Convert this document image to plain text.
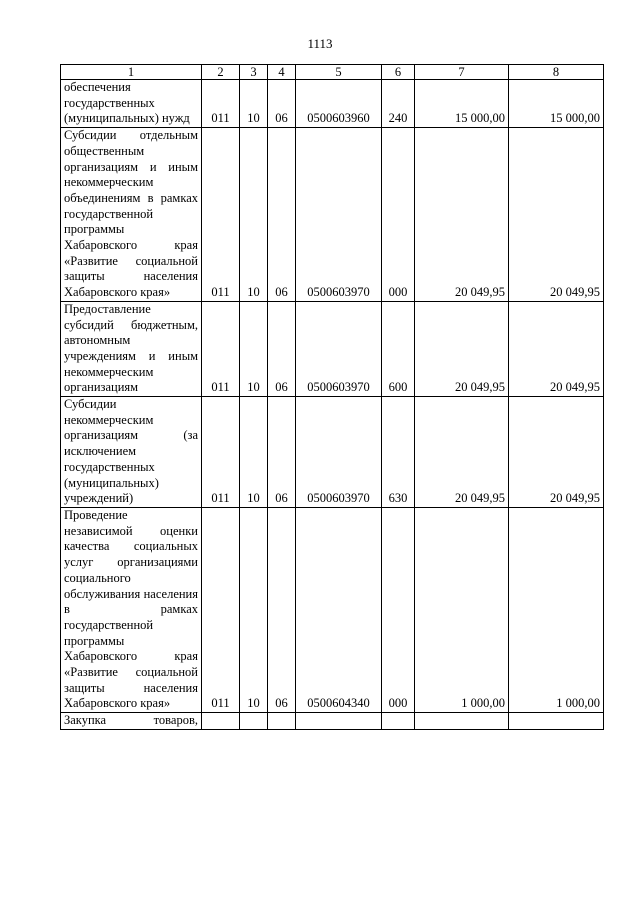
1113
1	2	3	4	5	6	7	8
обеспечения государственных (муниципальных) нужд	011	10	06	0500603960	240	15 000,00	15 000,00
Субсидии отдельным общественным организациям и иным некоммерческим объединениям в рамках государственной программы Хабаровского края «Развитие социальной защиты населения Хабаровского края»	011	10	06	0500603970	000	20 049,95	20 049,95
Предоставление субсидий бюджетным, автономным учреждениям и иным некоммерческим организациям	011	10	06	0500603970	600	20 049,95	20 049,95
Субсидии некоммерческим организациям (за исключением государственных (муниципальных) учреждений)	011	10	06	0500603970	630	20 049,95	20 049,95
Проведение независимой оценки качества социальных услуг организациями социального обслуживания населения в рамках государственной программы Хабаровского края «Развитие социальной защиты населения Хабаровского края»	011	10	06	0500604340	000	1 000,00	1 000,00
Закупка товаров,							
